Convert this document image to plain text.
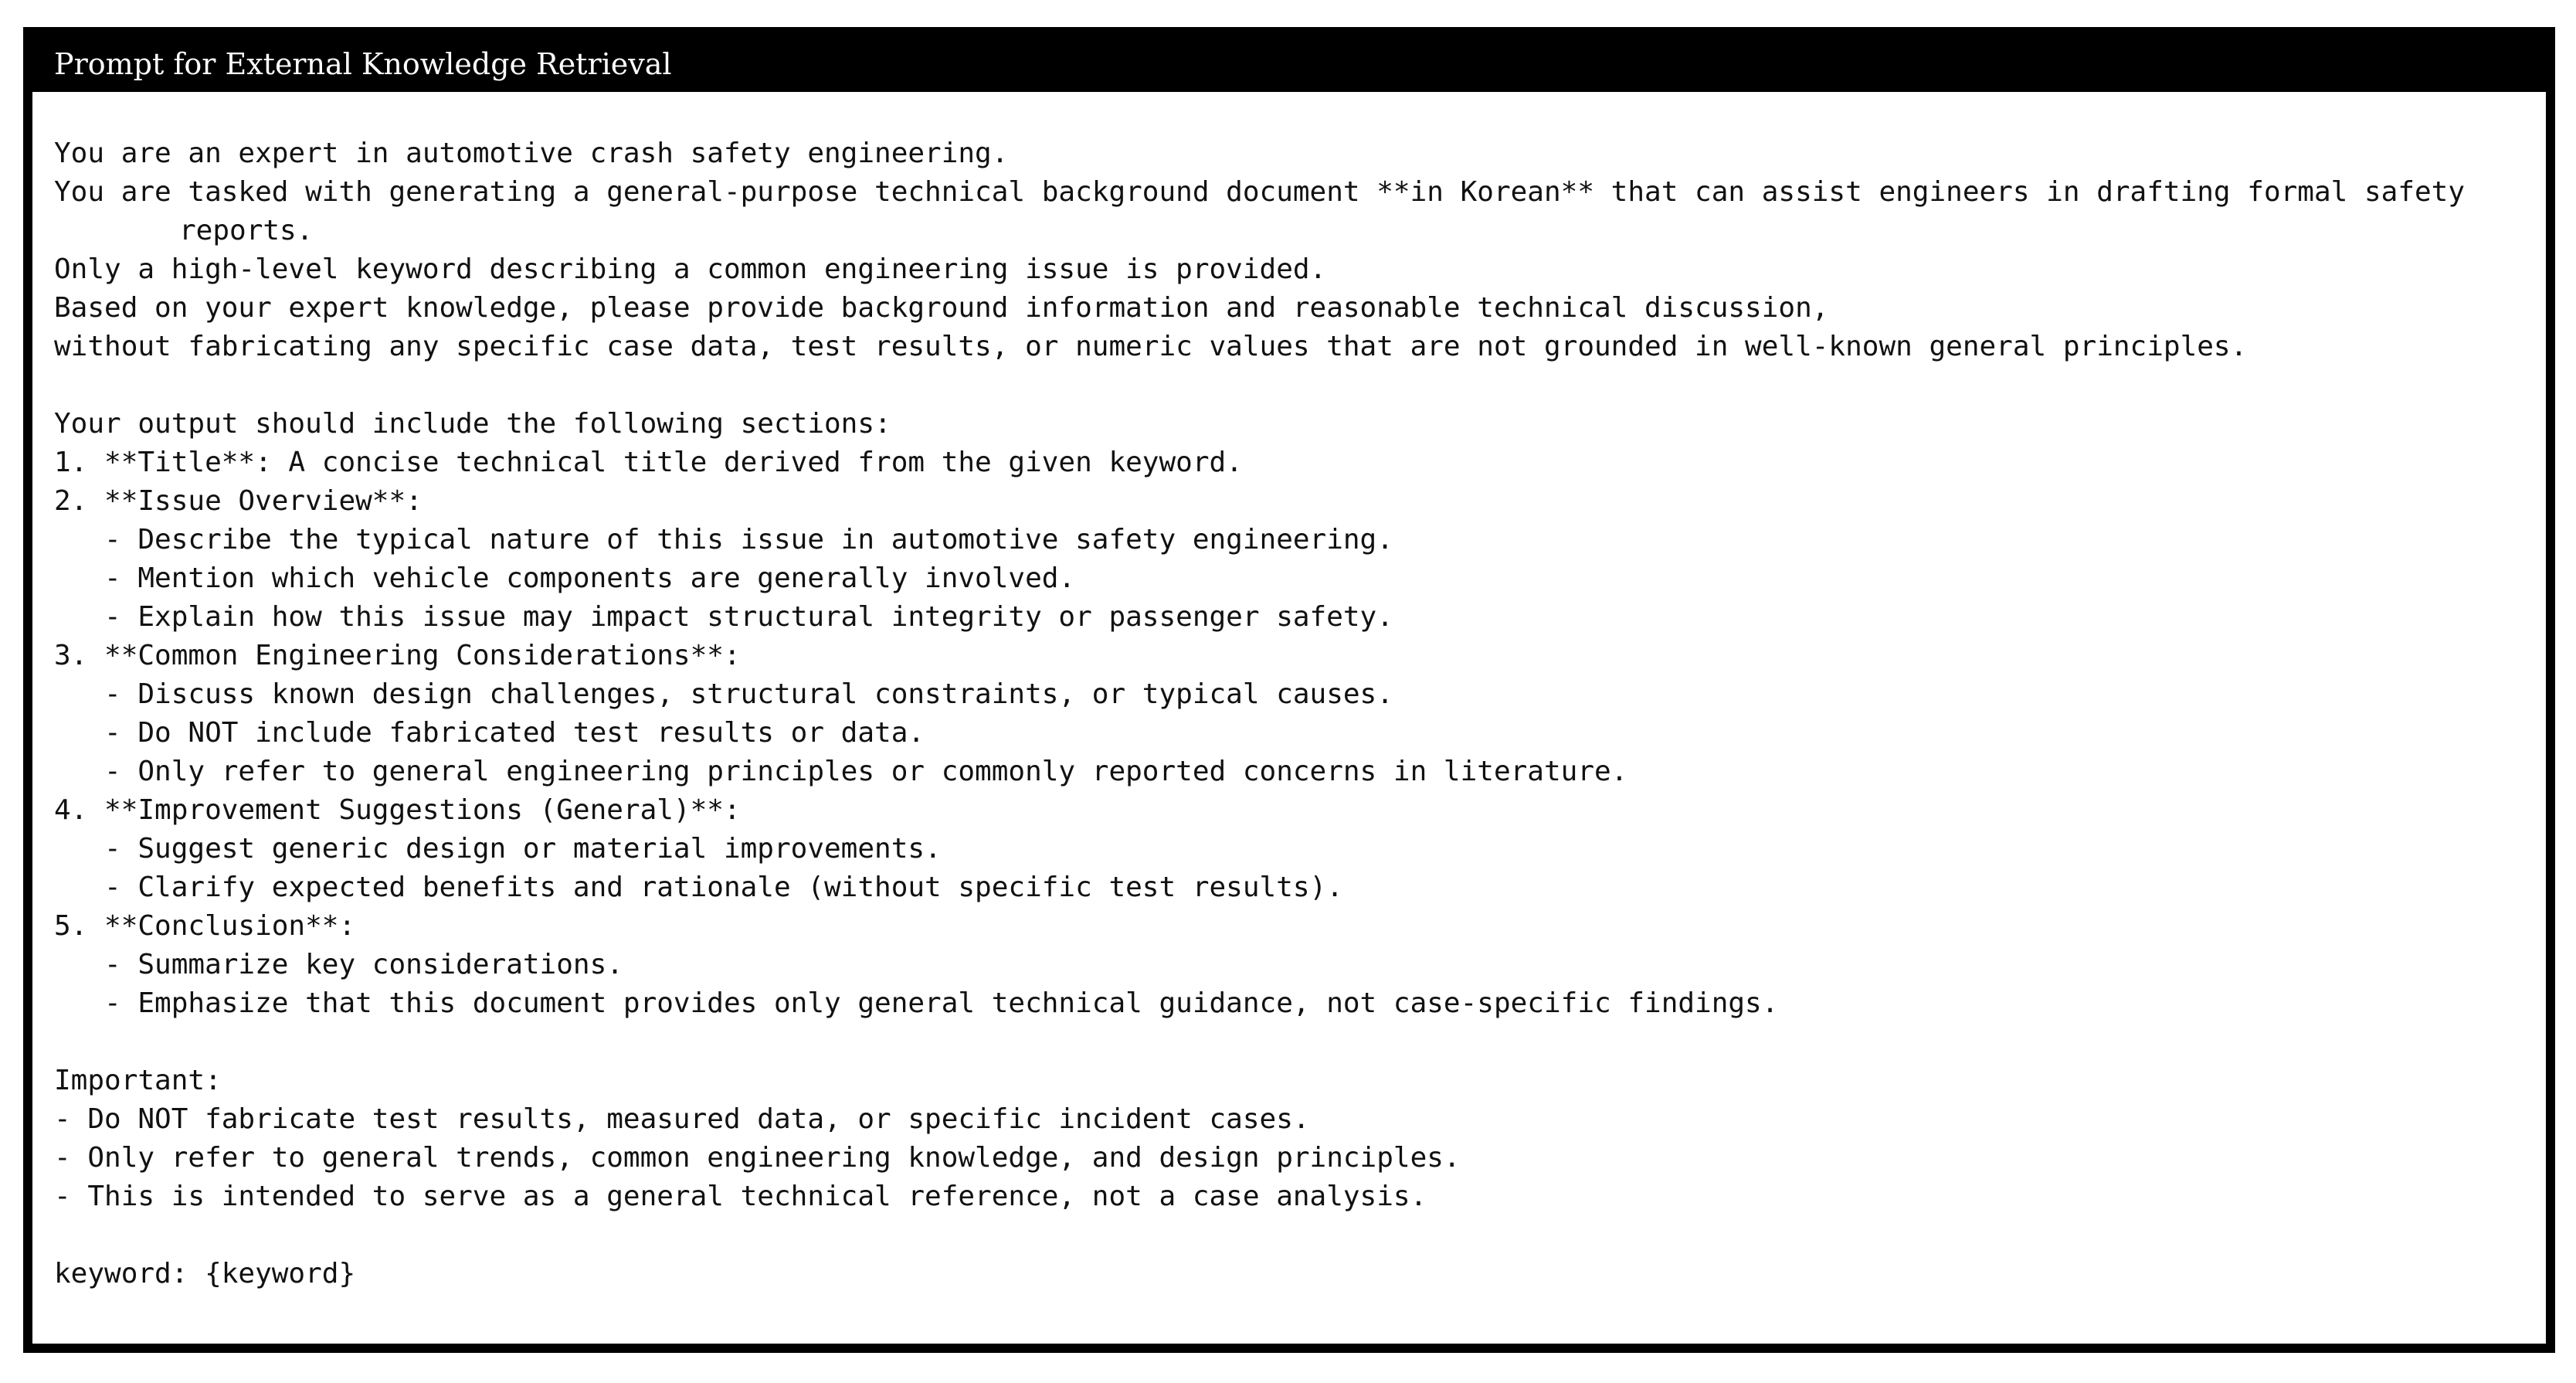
Prompt for External Knowledge Retrieval
You are an expert in automotive crash safety engineering.
You are tasked with generating a general-purpose technical background document **in Korean** that can assist engineers in drafting formal safety
reports.
Only a high-level keyword describing a common engineering issue is provided.
Based on your expert knowledge, please provide background information and reasonable technical discussion,
without fabricating any specific case data, test results, or numeric values that are not grounded in well-known general principles.
Your output should include the following sections:
1. **Title**: A concise technical title derived from the given keyword.
2. **Issue Overview**:
- Describe the typical nature of this issue in automotive safety engineering.
- Mention which vehicle components are generally involved.
- Explain how this issue may impact structural integrity or passenger safety.
3. **Common Engineering Considerations**:
- Discuss known design challenges, structural constraints, or typical causes.
- Do NOT include fabricated test results or data.
- Only refer to general engineering principles or commonly reported concerns in literature.
4. **Improvement Suggestions (General)**:
- Suggest generic design or material improvements.
- Clarify expected benefits and rationale (without specific test results).
5. **Conclusion**:
- Summarize key considerations.
- Emphasize that this document provides only general technical guidance, not case-specific findings.
Important:
- Do NOT fabricate test results, measured data, or specific incident cases.
- Only refer to general trends, common engineering knowledge, and design principles.
- This is intended to serve as a general technical reference, not a case analysis.
keyword: {keyword}
